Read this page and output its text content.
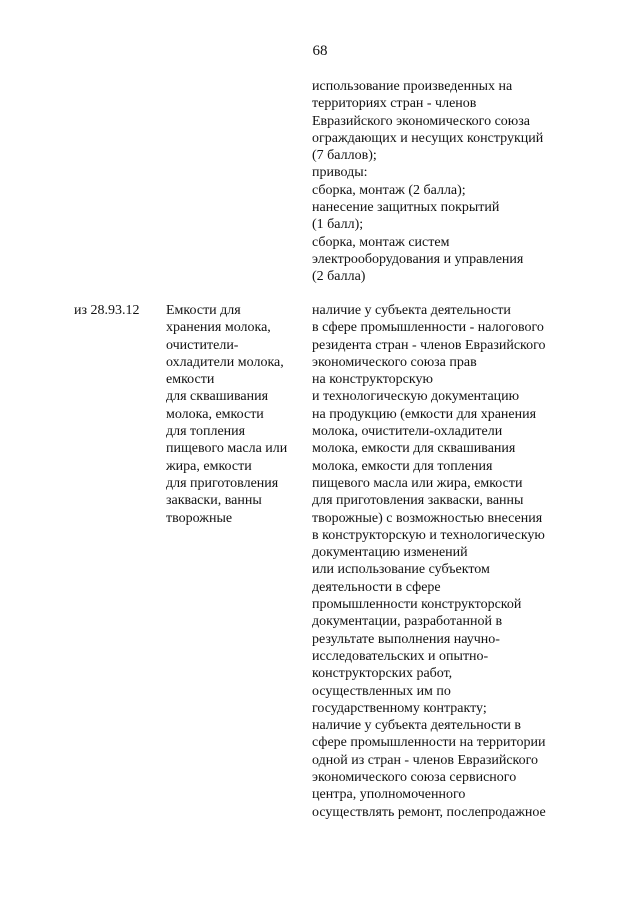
68
использование произведенных на
территориях стран - членов
Евразийского экономического союза
ограждающих и несущих конструкций
(7 баллов);
приводы:
сборка, монтаж (2 балла);
нанесение защитных покрытий
(1 балл);
сборка, монтаж систем
электрооборудования и управления
(2 балла)
из 28.93.12 Емкости для
хранения молока,
очистители-
охладители молока,
емкости
для сквашивания
молока, емкости
для топления
пищевого масла или
жира, емкости
для приготовления
закваски, ванны
творожные
наличие у субъекта деятельности
в сфере промышленности - налогового
резидента стран - членов Евразийского
экономического союза прав
на конструкторскую
и технологическую документацию
на продукцию (емкости для хранения
молока, очистители-охладители
молока, емкости для сквашивания
молока, емкости для топления
пищевого масла или жира, емкости
для приготовления закваски, ванны
творожные) с возможностью внесения
в конструкторскую и технологическую
документацию изменений
или использование субъектом
деятельности в сфере
промышленности конструкторской
документации, разработанной в
результате выполнения научно-
исследовательских и опытно-
конструкторских работ,
осуществленных им по
государственному контракту;
наличие у субъекта деятельности в
сфере промышленности на территории
одной из стран - членов Евразийского
экономического союза сервисного
центра, уполномоченного
осуществлять ремонт, послепродажное
